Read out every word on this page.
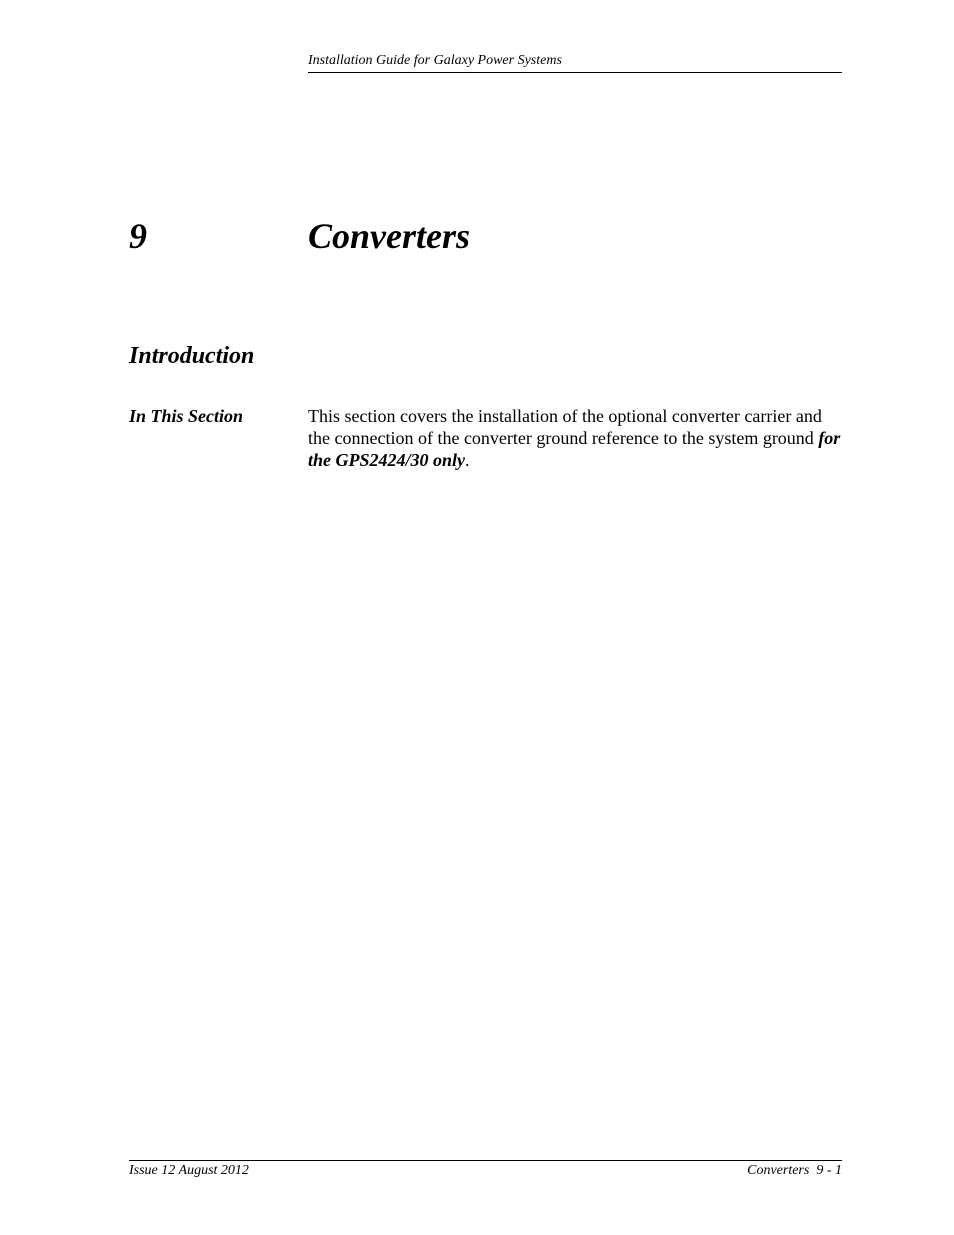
Installation Guide for Galaxy Power Systems
9	Converters
Introduction
In This Section	This section covers the installation of the optional converter carrier and the connection of the converter ground reference to the system ground for the GPS2424/30 only.
Issue 12 August 2012	Converters  9 - 1
